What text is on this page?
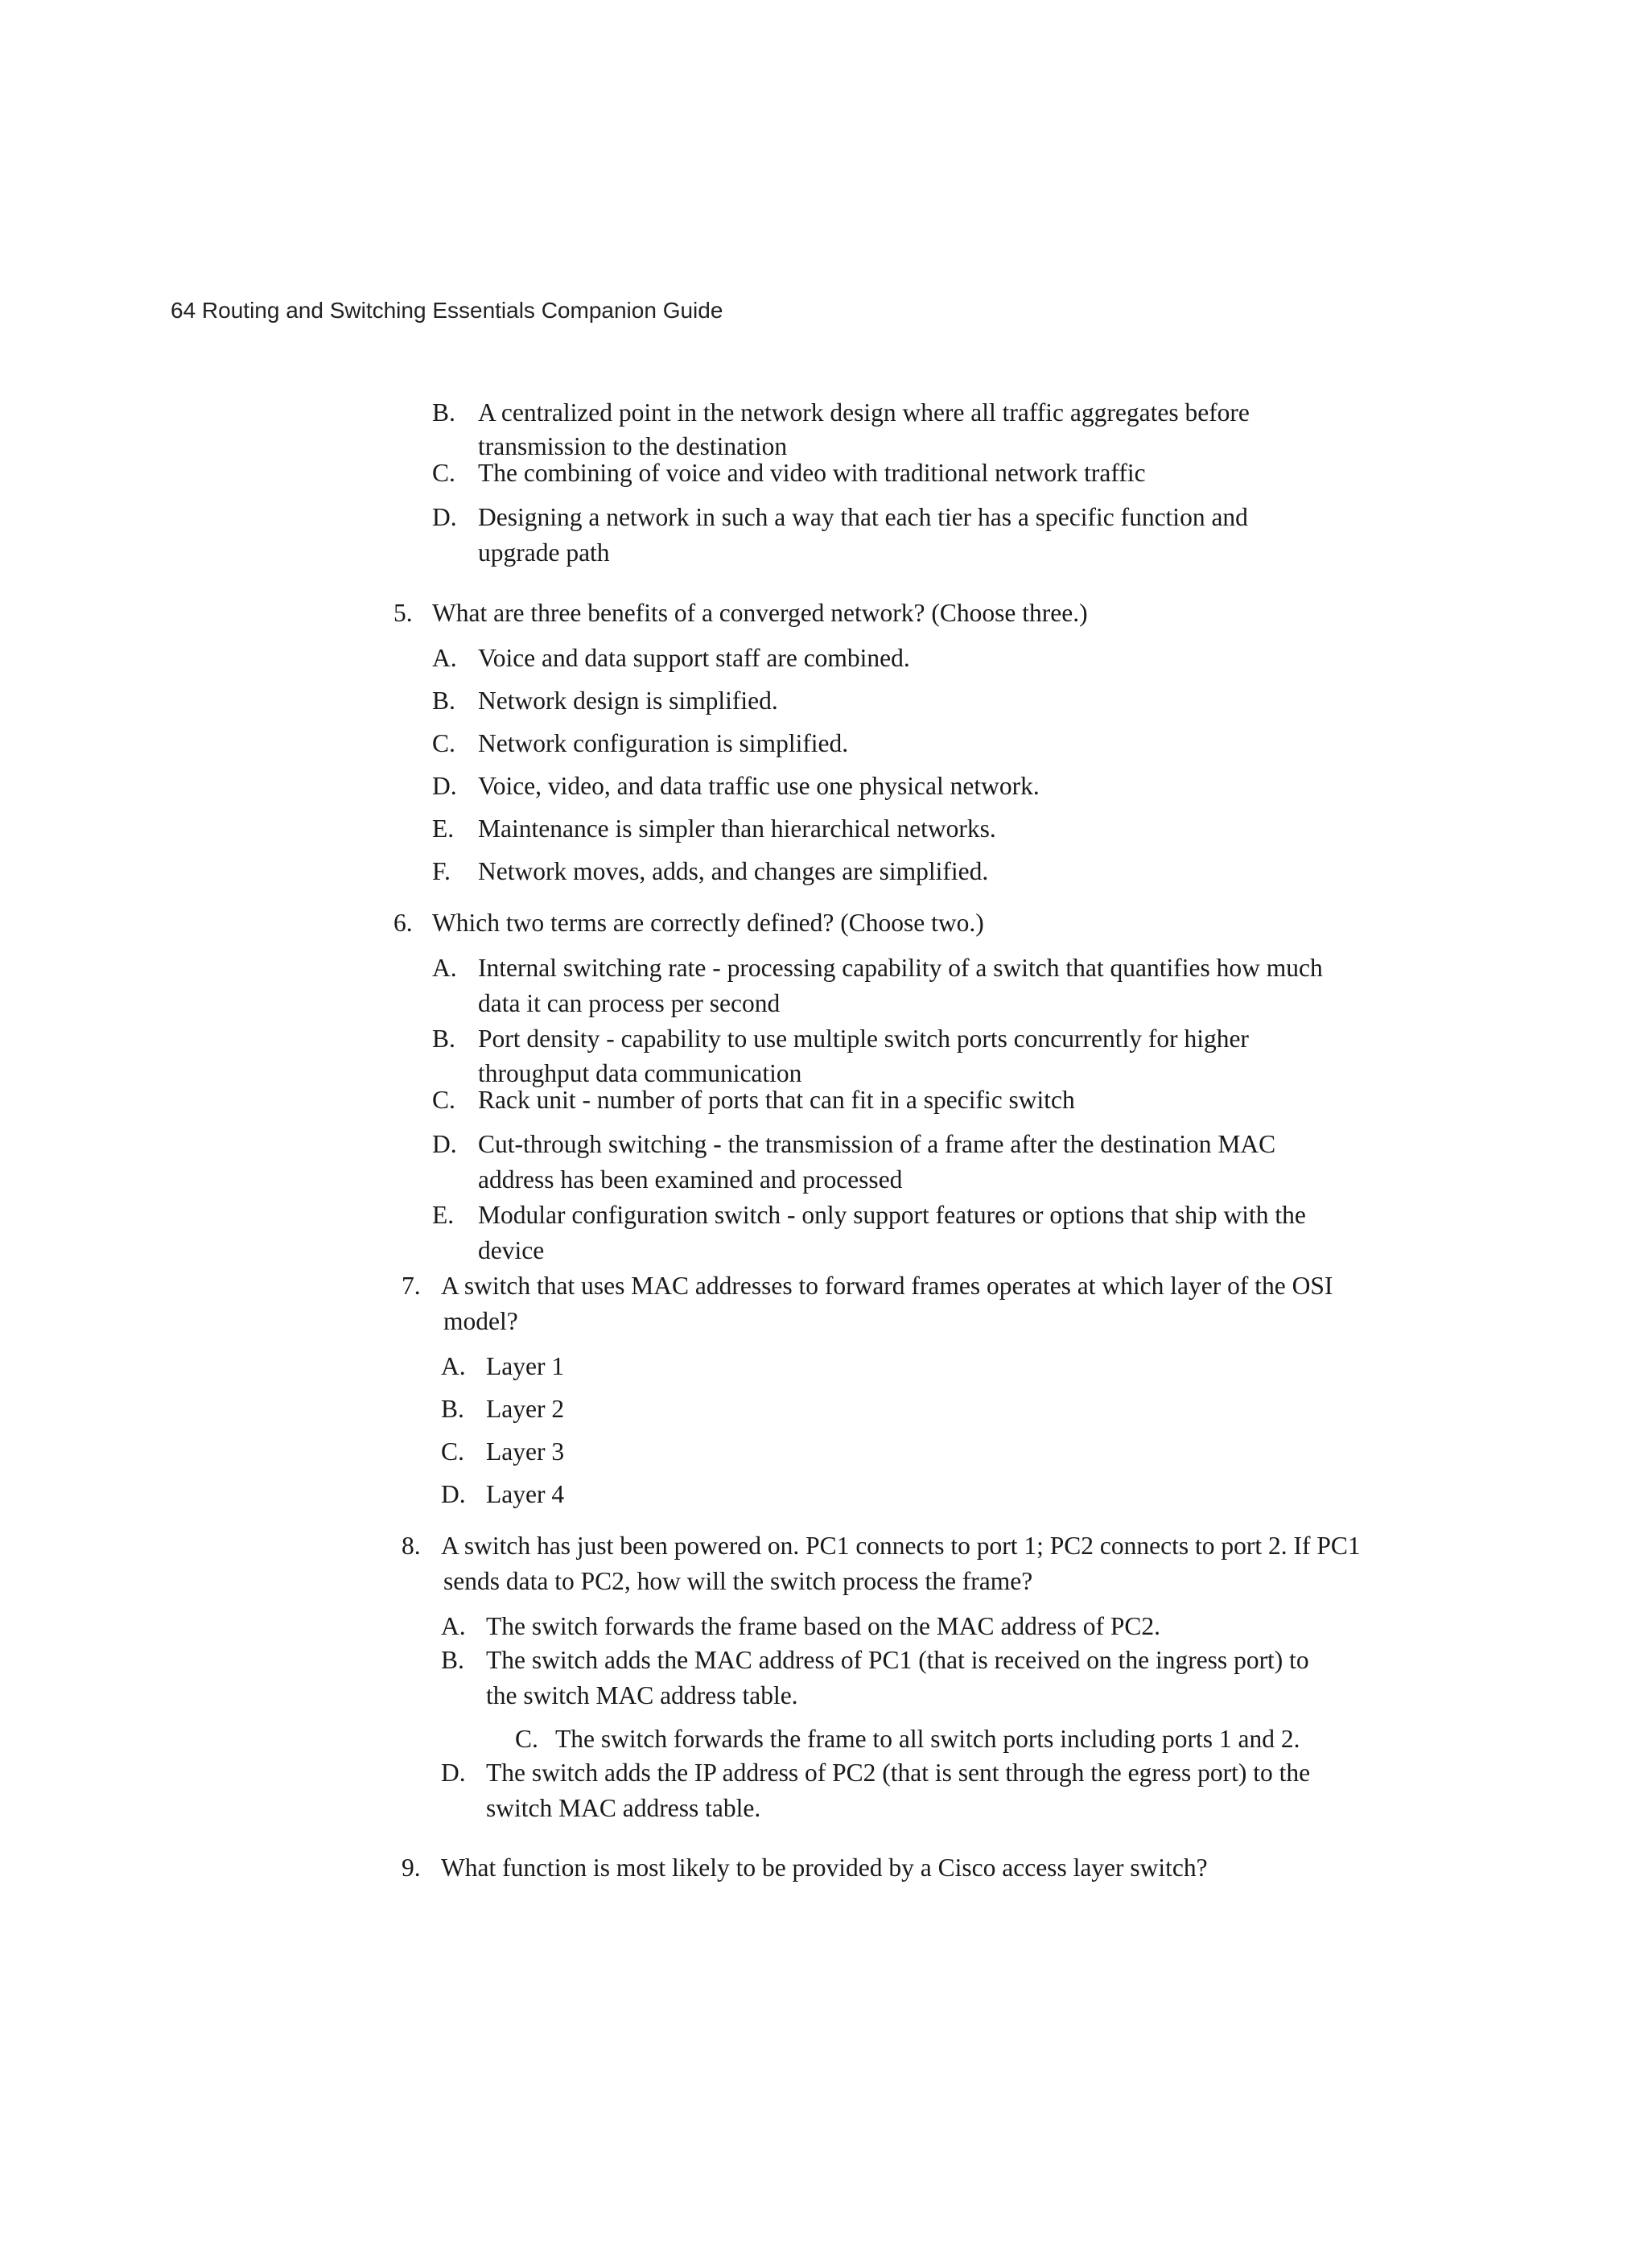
64 Routing and Switching Essentials Companion Guide
B. A centralized point in the network design where all traffic aggregates before
transmission to the destination
C. The combining of voice and video with traditional network traffic
D. Designing a network in such a way that each tier has a specific function and
upgrade path
5. What are three benefits of a converged network? (Choose three.)
A. Voice and data support staff are combined.
B. Network design is simplified.
C. Network configuration is simplified.
D. Voice, video, and data traffic use one physical network.
E. Maintenance is simpler than hierarchical networks.
F. Network moves, adds, and changes are simplified.
6. Which two terms are correctly defined? (Choose two.)
A. Internal switching rate - processing capability of a switch that quantifies how much
data it can process per second
B. Port density - capability to use multiple switch ports concurrently for higher
throughput data communication
C. Rack unit - number of ports that can fit in a specific switch
D. Cut-through switching - the transmission of a frame after the destination MAC
address has been examined and processed
E. Modular configuration switch - only support features or options that ship with the
device
7. A switch that uses MAC addresses to forward frames operates at which layer of the OSI
model?
A. Layer 1
B. Layer 2
C. Layer 3
D. Layer 4
8. A switch has just been powered on. PC1 connects to port 1; PC2 connects to port 2. If PC1
sends data to PC2, how will the switch process the frame?
A. The switch forwards the frame based on the MAC address of PC2.
B. The switch adds the MAC address of PC1 (that is received on the ingress port) to
the switch MAC address table.
C. The switch forwards the frame to all switch ports including ports 1 and 2.
D. The switch adds the IP address of PC2 (that is sent through the egress port) to the
switch MAC address table.
9. What function is most likely to be provided by a Cisco access layer switch?
